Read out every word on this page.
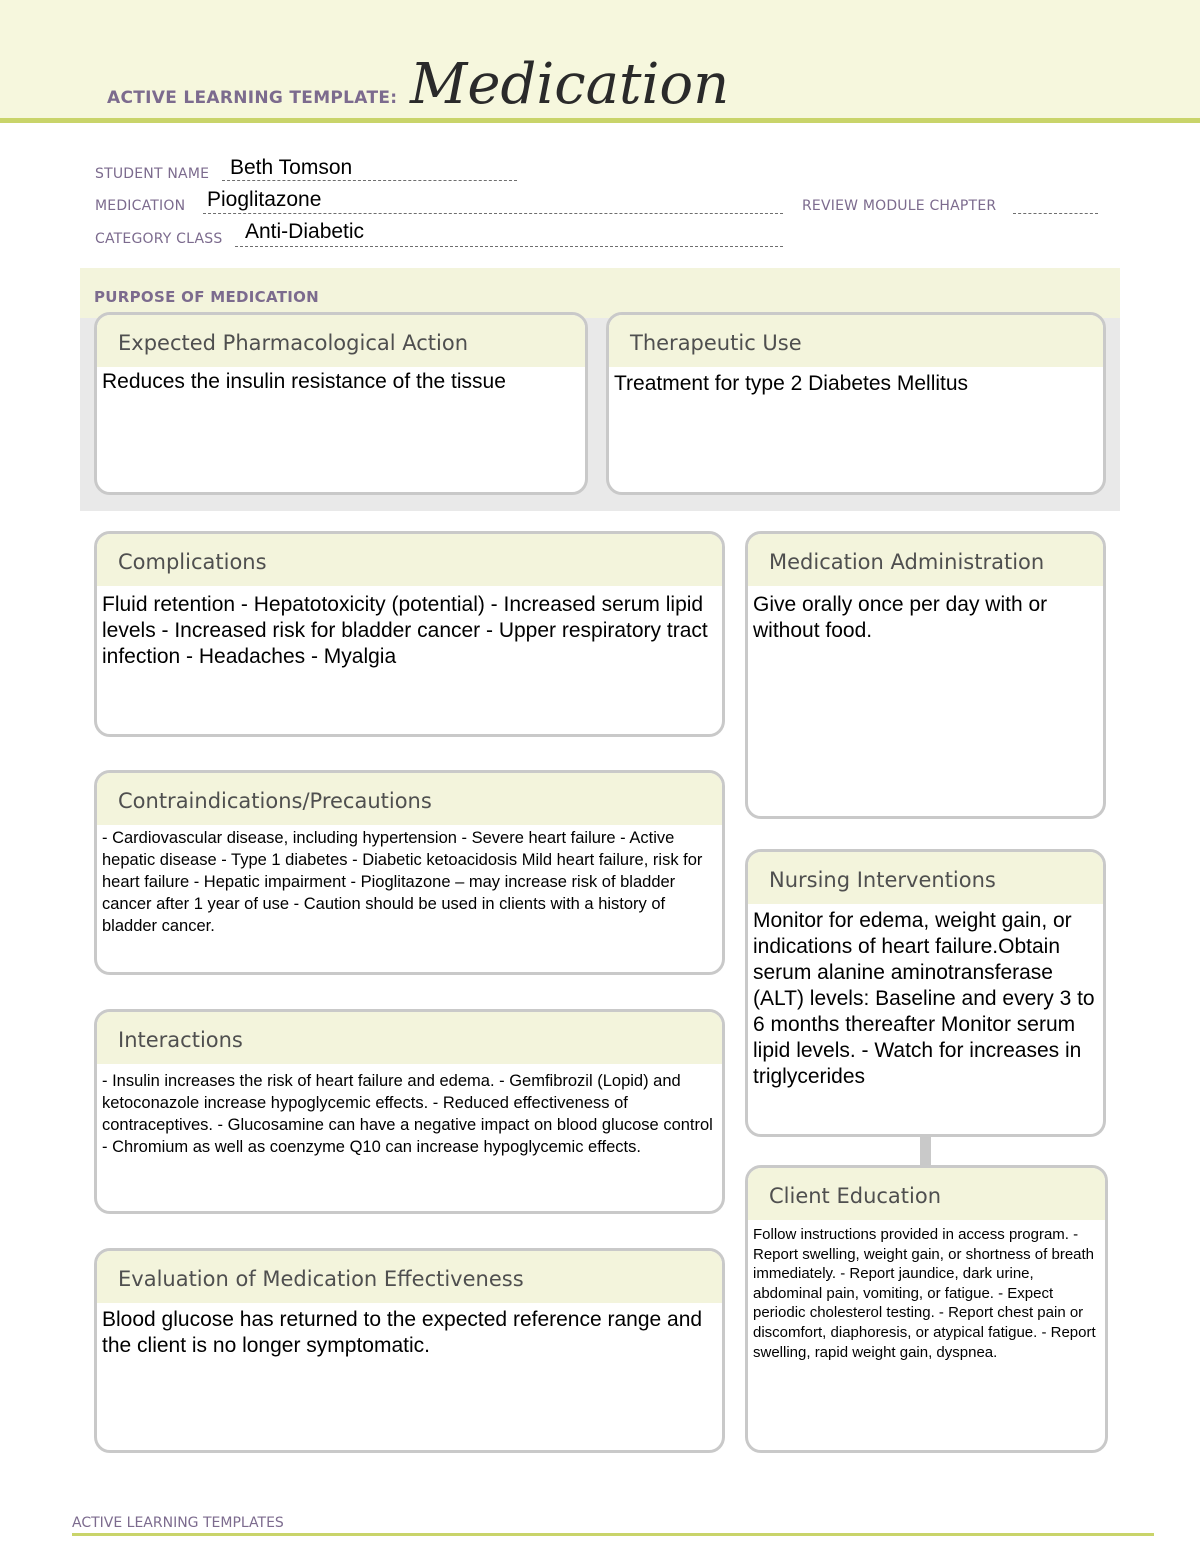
ACTIVE LEARNING TEMPLATE: Medication
STUDENT NAME Beth Tomson
MEDICATION Pioglitazone	REVIEW MODULE CHAPTER
CATEGORY CLASS Anti-Diabetic
PURPOSE OF MEDICATION
Expected Pharmacological Action
Reduces the insulin resistance of the tissue
Therapeutic Use
Treatment for type 2 Diabetes Mellitus
Complications
Fluid retention - Hepatotoxicity (potential) - Increased serum lipid levels - Increased risk for bladder cancer - Upper respiratory tract infection - Headaches - Myalgia
Contraindications/Precautions
- Cardiovascular disease, including hypertension - Severe heart failure - Active hepatic disease - Type 1 diabetes - Diabetic ketoacidosis Mild heart failure, risk for heart failure - Hepatic impairment - Pioglitazone – may increase risk of bladder cancer after 1 year of use - Caution should be used in clients with a history of bladder cancer.
Interactions
- Insulin increases the risk of heart failure and edema. - Gemfibrozil (Lopid) and ketoconazole increase hypoglycemic effects. - Reduced effectiveness of contraceptives. - Glucosamine can have a negative impact on blood glucose control - Chromium as well as coenzyme Q10 can increase hypoglycemic effects.
Evaluation of Medication Effectiveness
Blood glucose has returned to the expected reference range and the client is no longer symptomatic.
Medication Administration
Give orally once per day with or without food.
Nursing Interventions
Monitor for edema, weight gain, or indications of heart failure.Obtain serum alanine aminotransferase (ALT) levels: Baseline and every 3 to 6 months thereafter Monitor serum lipid levels. - Watch for increases in triglycerides
Client Education
Follow instructions provided in access program. - Report swelling, weight gain, or shortness of breath immediately. - Report jaundice, dark urine, abdominal pain, vomiting, or fatigue. - Expect periodic cholesterol testing. - Report chest pain or discomfort, diaphoresis, or atypical fatigue. - Report swelling, rapid weight gain, dyspnea.
ACTIVE LEARNING TEMPLATES
